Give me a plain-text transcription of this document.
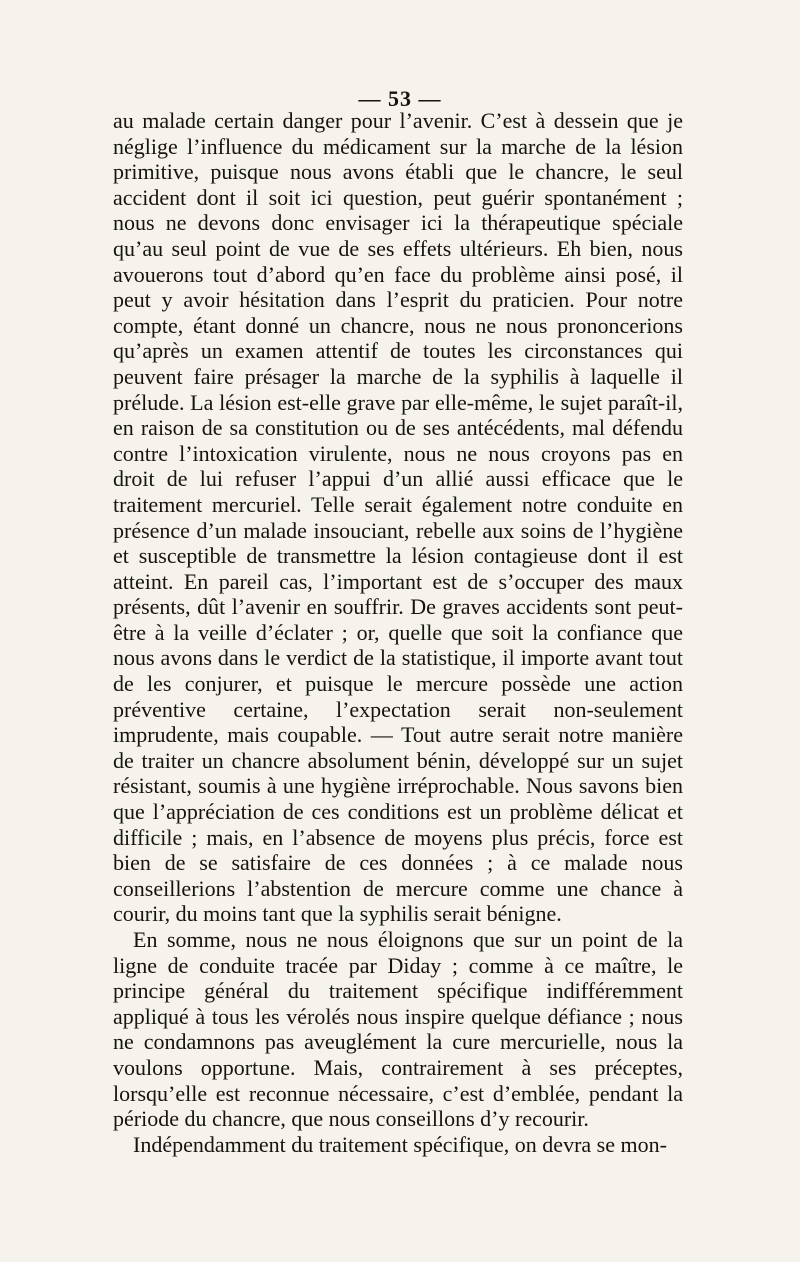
— 53 —

au malade certain danger pour l’avenir. C’est à dessein que je néglige l’influence du médicament sur la marche de la lésion primitive, puisque nous avons établi que le chancre, le seul accident dont il soit ici question, peut guérir spontanément ; nous ne devons donc envisager ici la thérapeutique spéciale qu’au seul point de vue de ses effets ultérieurs. Eh bien, nous avouerons tout d’abord qu’en face du problème ainsi posé, il peut y avoir hésitation dans l’esprit du praticien. Pour notre compte, étant donné un chancre, nous ne nous prononcerions qu’après un examen attentif de toutes les circonstances qui peuvent faire présager la marche de la syphilis à laquelle il prélude. La lésion est-elle grave par elle-même, le sujet paraît-il, en raison de sa constitution ou de ses antécédents, mal défendu contre l’intoxication virulente, nous ne nous croyons pas en droit de lui refuser l’appui d’un allié aussi efficace que le traitement mercuriel. Telle serait également notre conduite en présence d’un malade insouciant, rebelle aux soins de l’hygiène et susceptible de transmettre la lésion contagieuse dont il est atteint. En pareil cas, l’important est de s’occuper des maux présents, dût l’avenir en souffrir. De graves accidents sont peut-être à la veille d’éclater ; or, quelle que soit la confiance que nous avons dans le verdict de la statistique, il importe avant tout de les conjurer, et puisque le mercure possède une action préventive certaine, l’expectation serait non-seulement imprudente, mais coupable. — Tout autre serait notre manière de traiter un chancre absolument bénin, développé sur un sujet résistant, soumis à une hygiène irréprochable. Nous savons bien que l’appréciation de ces conditions est un problème délicat et difficile ; mais, en l’absence de moyens plus précis, force est bien de se satisfaire de ces données ; à ce malade nous conseillerions l’abstention de mercure comme une chance à courir, du moins tant que la syphilis serait bénigne.

En somme, nous ne nous éloignons que sur un point de la ligne de conduite tracée par Diday ; comme à ce maître, le principe général du traitement spécifique indifféremment appliqué à tous les vérolés nous inspire quelque défiance ; nous ne condamnons pas aveuglément la cure mercurielle, nous la voulons opportune. Mais, contrairement à ses préceptes, lorsqu’elle est reconnue nécessaire, c’est d’emblée, pendant la période du chancre, que nous conseillons d’y recourir.

Indépendamment du traitement spécifique, on devra se mon-
